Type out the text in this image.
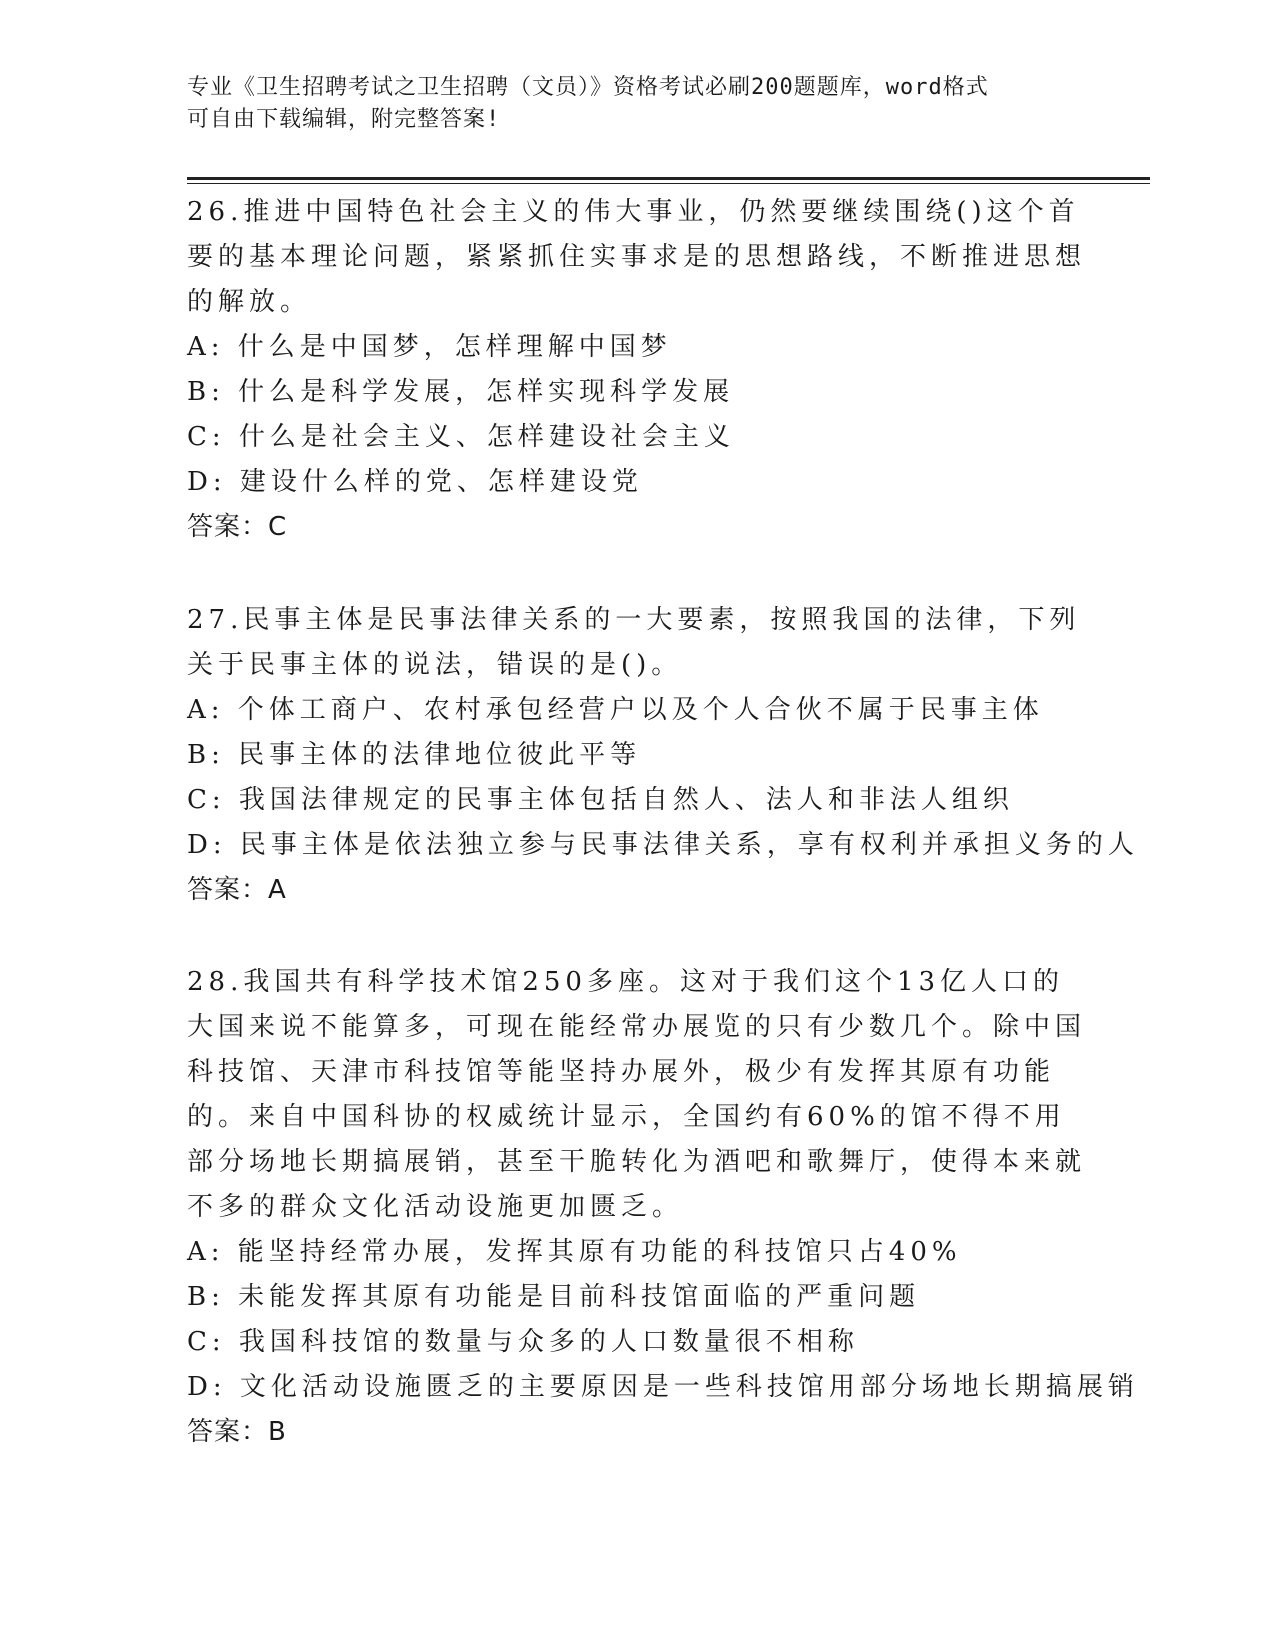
专业《卫生招聘考试之卫生招聘（文员）》资格考试必刷200题题库，word格式
可自由下载编辑，附完整答案!

26.推进中国特色社会主义的伟大事业，仍然要继续围绕()这个首要的基本理论问题，紧紧抓住实事求是的思想路线，不断推进思想的解放。

A: 什么是中国梦，怎样理解中国梦

B: 什么是科学发展，怎样实现科学发展

C: 什么是社会主义、怎样建设社会主义

D: 建设什么样的党、怎样建设党

答案：C

27.民事主体是民事法律关系的一大要素，按照我国的法律，下列关于民事主体的说法，错误的是()。

A: 个体工商户、农村承包经营户以及个人合伙不属于民事主体

B: 民事主体的法律地位彼此平等

C: 我国法律规定的民事主体包括自然人、法人和非法人组织

D: 民事主体是依法独立参与民事法律关系，享有权利并承担义务的人

答案：A

28.我国共有科学技术馆250多座。这对于我们这个13亿人口的大国来说不能算多，可现在能经常办展览的只有少数几个。除中国科技馆、天津市科技馆等能坚持办展外，极少有发挥其原有功能的。来自中国科协的权威统计显示，全国约有60%的馆不得不用部分场地长期搞展销，甚至干脆转化为酒吧和歌舞厅，使得本来就不多的群众文化活动设施更加匮乏。

A: 能坚持经常办展，发挥其原有功能的科技馆只占40%

B: 未能发挥其原有功能是目前科技馆面临的严重问题

C: 我国科技馆的数量与众多的人口数量很不相称

D: 文化活动设施匮乏的主要原因是一些科技馆用部分场地长期搞展销

答案：B
